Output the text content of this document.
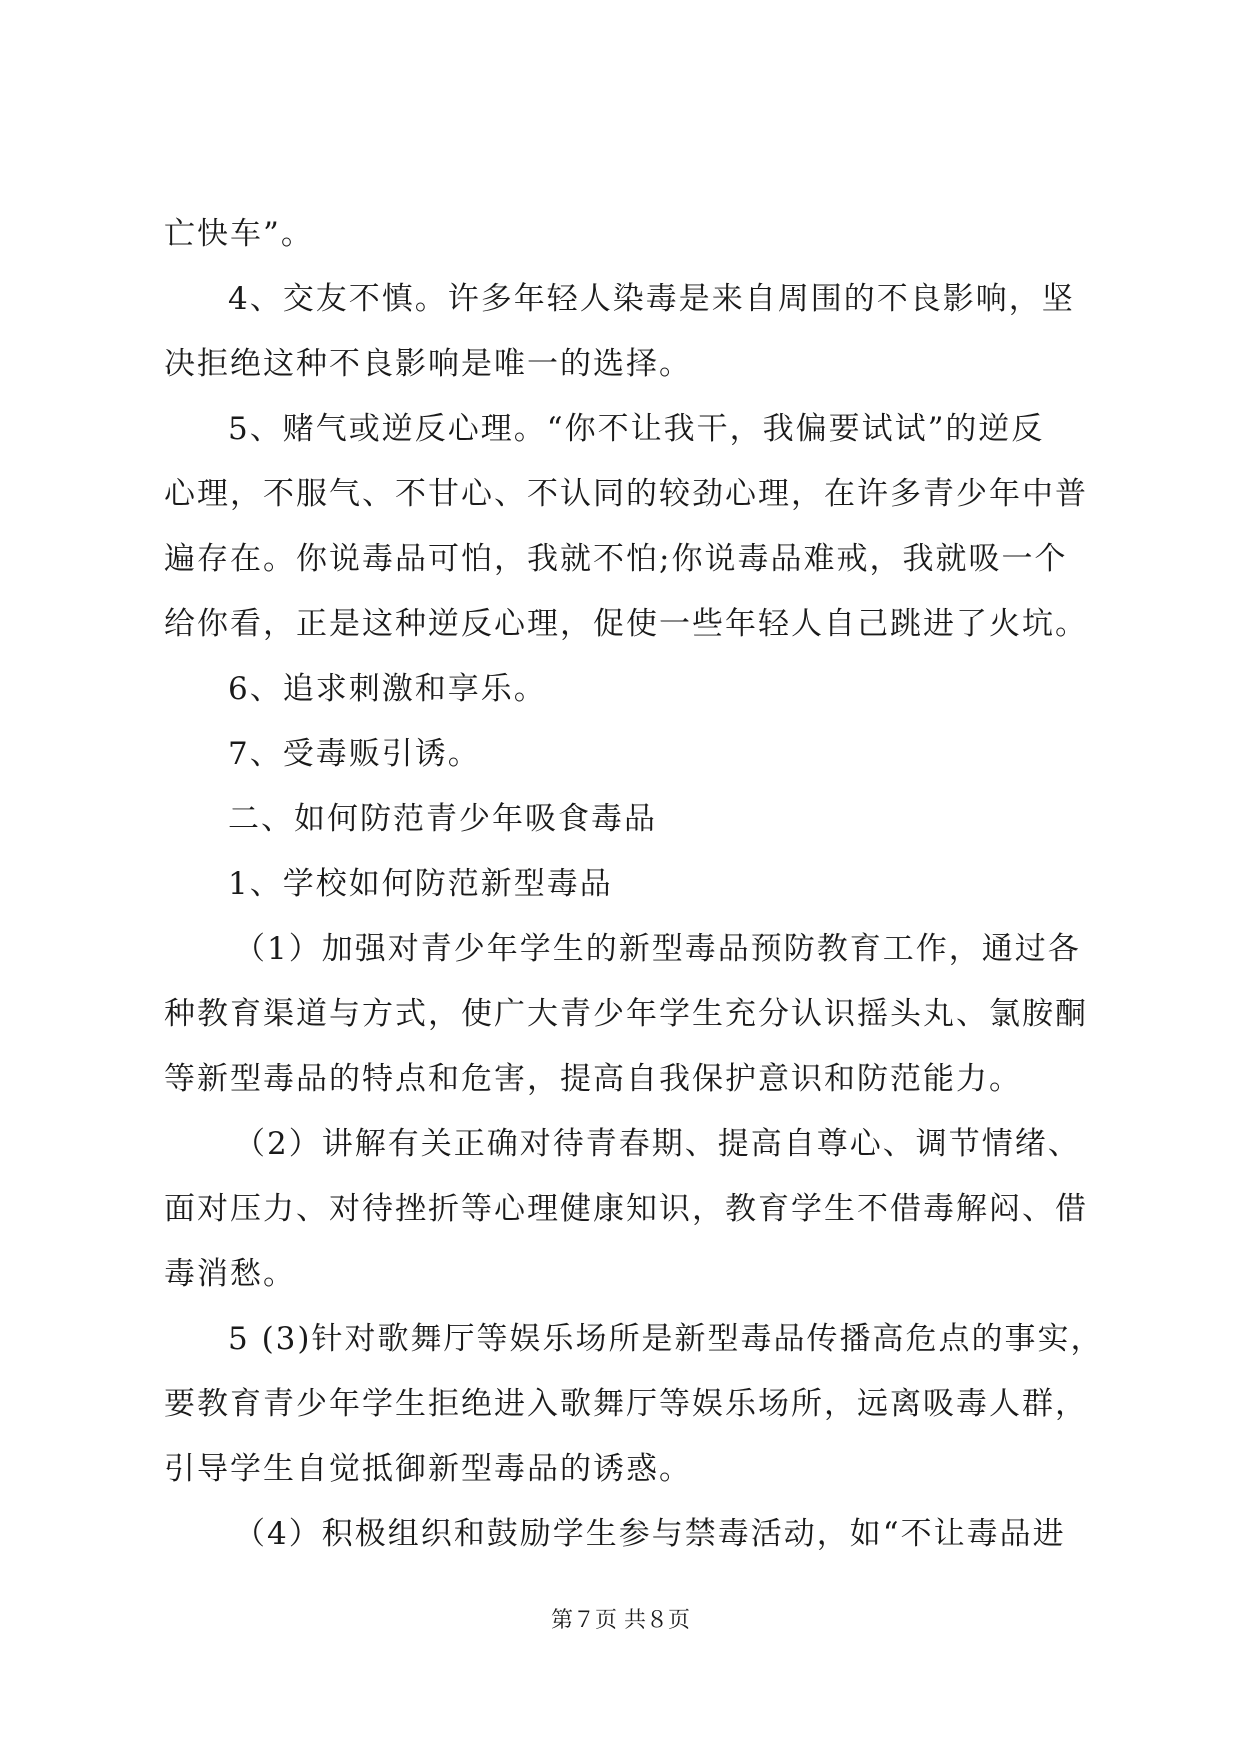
亡快车”。
4、交友不慎。许多年轻人染毒是来自周围的不良影响，坚
决拒绝这种不良影响是唯一的选择。
5、赌气或逆反心理。“你不让我干，我偏要试试”的逆反
心理，不服气、不甘心、不认同的较劲心理，在许多青少年中普
遍存在。你说毒品可怕，我就不怕;你说毒品难戒，我就吸一个
给你看，正是这种逆反心理，促使一些年轻人自己跳进了火坑。
6、追求刺激和享乐。
7、受毒贩引诱。
二、如何防范青少年吸食毒品
1、学校如何防范新型毒品
（1）加强对青少年学生的新型毒品预防教育工作，通过各
种教育渠道与方式，使广大青少年学生充分认识摇头丸、氯胺酮
等新型毒品的特点和危害，提高自我保护意识和防范能力。
（2）讲解有关正确对待青春期、提高自尊心、调节情绪、
面对压力、对待挫折等心理健康知识，教育学生不借毒解闷、借
毒消愁。
5 (3)针对歌舞厅等娱乐场所是新型毒品传播高危点的事实，
要教育青少年学生拒绝进入歌舞厅等娱乐场所，远离吸毒人群，
引导学生自觉抵御新型毒品的诱惑。
（4）积极组织和鼓励学生参与禁毒活动，如“不让毒品进
第７页 共８页
